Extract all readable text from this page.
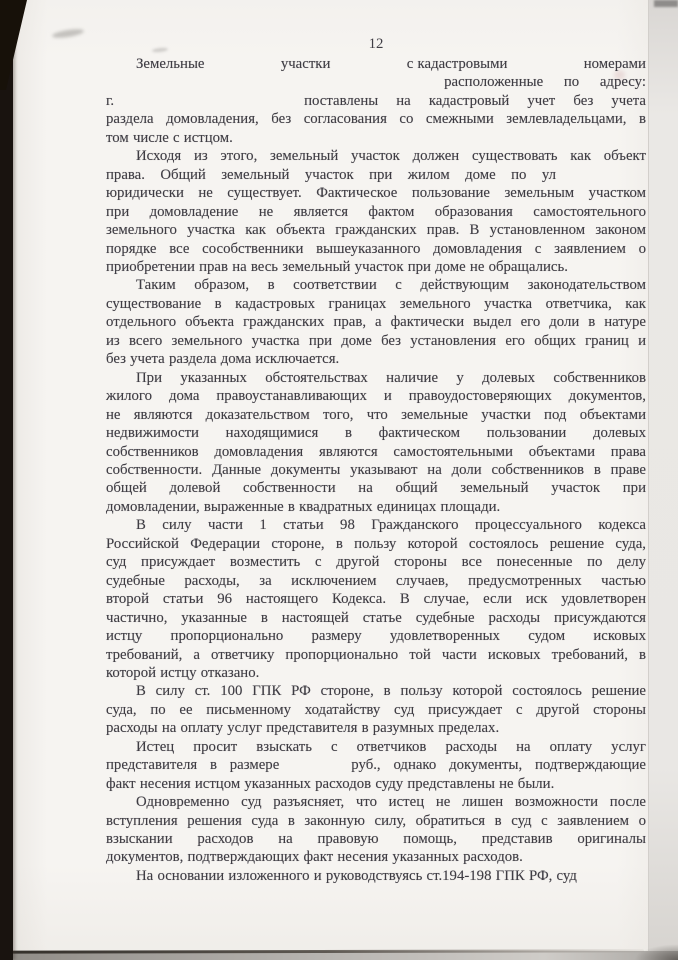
12
Земельные	участки	с кадастровыми	номерами
расположенные по адресу:
г.	поставлены на кадастровый учет без учета
раздела домовладения, без согласования со смежными землевладельцами, в
том числе с истцом.
Исходя из этого, земельный участок должен существовать как объект
права. Общий земельный участок при жилом доме по ул
юридически не существует. Фактическое пользование земельным участком
при домовладение не является фактом образования самостоятельного
земельного участка как объекта гражданских прав. В установленном законом
порядке все сособственники вышеуказанного домовладения с заявлением о
приобретении прав на весь земельный участок при доме не обращались.
Таким образом, в соответствии с действующим законодательством
существование в кадастровых границах земельного участка ответчика, как
отдельного объекта гражданских прав, а фактически выдел его доли в натуре
из всего земельного участка при доме без установления его общих границ и
без учета раздела дома исключается.
При указанных обстоятельствах наличие у долевых собственников
жилого дома правоустанавливающих и правоудостоверяющих документов,
не являются доказательством того, что земельные участки под объектами
недвижимости находящимися в фактическом пользовании долевых
собственников домовладения являются самостоятельными объектами права
собственности. Данные документы указывают на доли собственников в праве
общей долевой собственности на общий земельный участок при
домовладении, выраженные в квадратных единицах площади.
В силу части 1 статьи 98 Гражданского процессуального кодекса
Российской Федерации стороне, в пользу которой состоялось решение суда,
суд присуждает возместить с другой стороны все понесенные по делу
судебные расходы, за исключением случаев, предусмотренных частью
второй статьи 96 настоящего Кодекса. В случае, если иск удовлетворен
частично, указанные в настоящей статье судебные расходы присуждаются
истцу пропорционально размеру удовлетворенных судом исковых
требований, а ответчику пропорционально той части исковых требований, в
которой истцу отказано.
В силу ст. 100 ГПК РФ стороне, в пользу которой состоялось решение
суда, по ее письменному ходатайству суд присуждает с другой стороны
расходы на оплату услуг представителя в разумных пределах.
Истец просит взыскать с ответчиков расходы на оплату услуг
представителя в размере	руб., однако документы, подтверждающие
факт несения истцом указанных расходов суду представлены не были.
Одновременно суд разъясняет, что истец не лишен возможности после
вступления решения суда в законную силу, обратиться в суд с заявлением о
взыскании расходов на правовую помощь, представив оригиналы
документов, подтверждающих факт несения указанных расходов.
На основании изложенного и руководствуясь ст.194-198 ГПК РФ, суд
